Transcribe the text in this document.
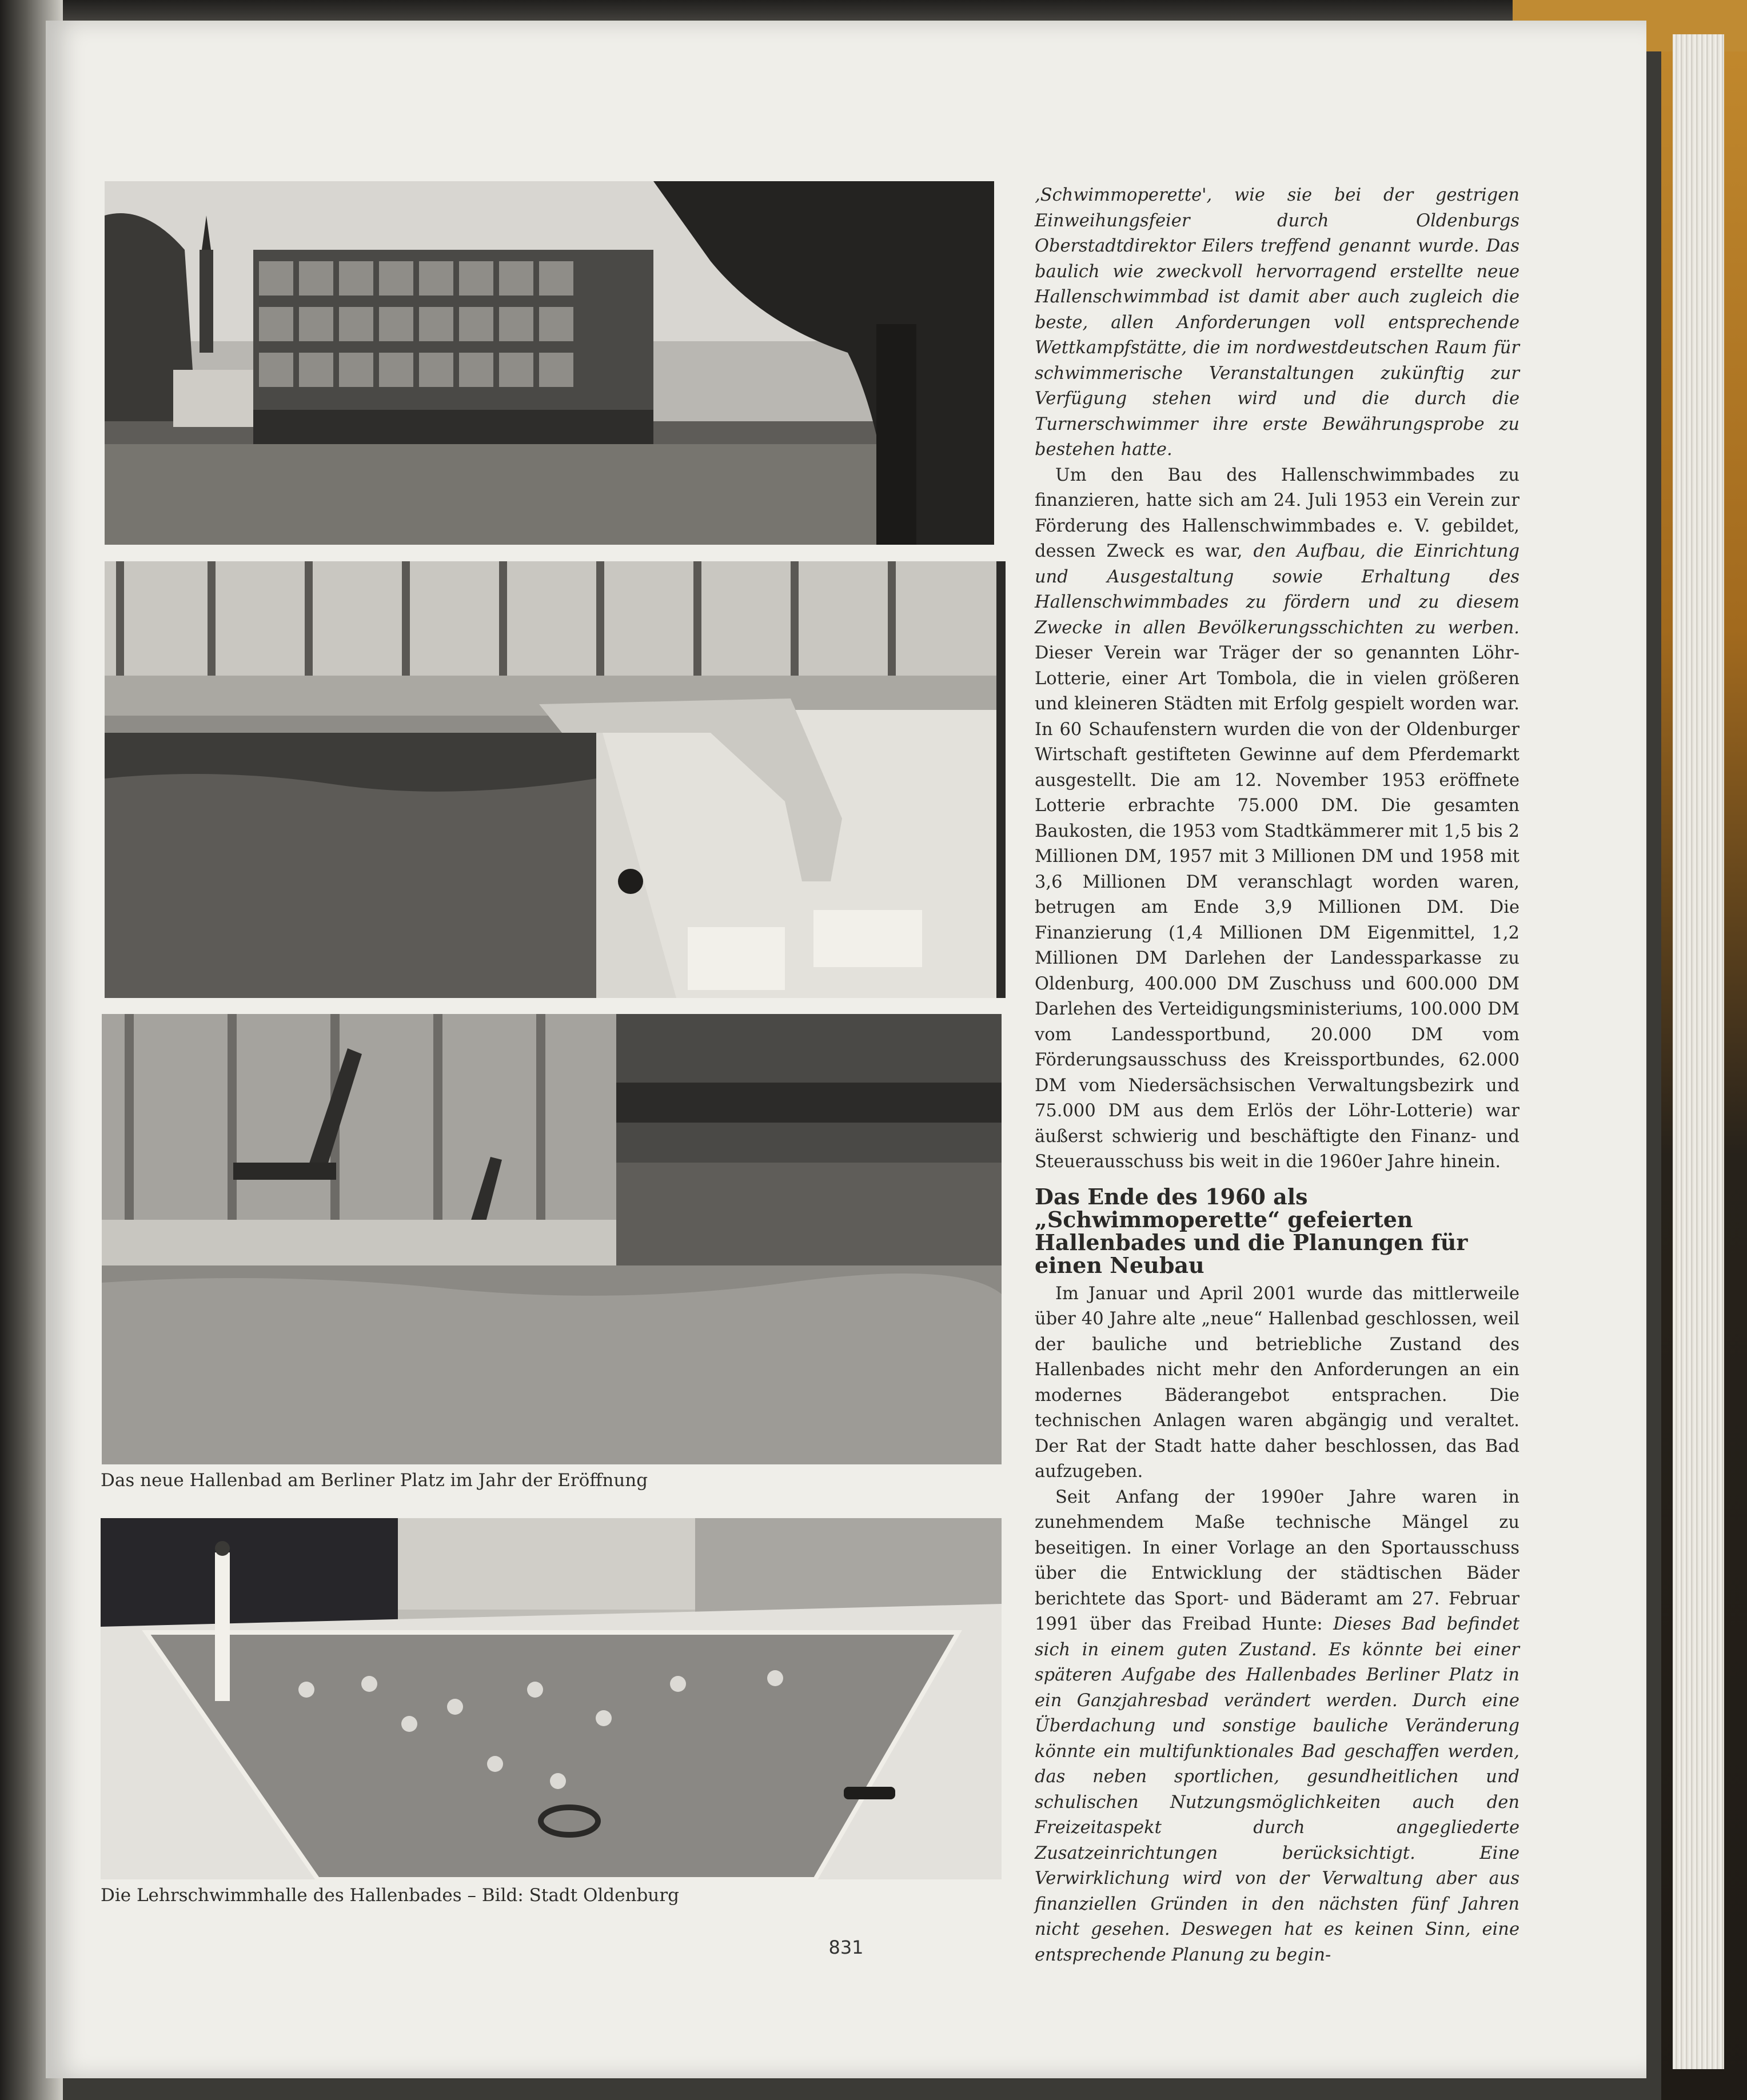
Das neue Hallenbad am Berliner Platz im Jahr der Eröffnung
Die Lehrschwimmhalle des Hallenbades – Bild: Stadt Oldenburg

‚Schwimmoperette', wie sie bei der gestrigen Einweihungsfeier durch Oldenburgs Oberstadtdirektor Eilers treffend genannt wurde. Das baulich wie zweckvoll hervorragend erstellte neue Hallenschwimmbad ist damit aber auch zugleich die beste, allen Anforderungen voll entsprechende Wettkampfstätte, die im nordwestdeutschen Raum für schwimmerische Veranstaltungen zukünftig zur Verfügung stehen wird und die durch die Turnerschwimmer ihre erste Bewährungsprobe zu bestehen hatte.

Um den Bau des Hallenschwimmbades zu finanzieren, hatte sich am 24. Juli 1953 ein Verein zur Förderung des Hallenschwimmbades e. V. gebildet, dessen Zweck es war, den Aufbau, die Einrichtung und Ausgestaltung sowie Erhaltung des Hallenschwimmbades zu fördern und zu diesem Zwecke in allen Bevölkerungsschichten zu werben. Dieser Verein war Träger der so genannten Löhr-Lotterie, einer Art Tombola, die in vielen größeren und kleineren Städten mit Erfolg gespielt worden war. In 60 Schaufenstern wurden die von der Oldenburger Wirtschaft gestifteten Gewinne auf dem Pferdemarkt ausgestellt. Die am 12. November 1953 eröffnete Lotterie erbrachte 75.000 DM. Die gesamten Baukosten, die 1953 vom Stadtkämmerer mit 1,5 bis 2 Millionen DM, 1957 mit 3 Millionen DM und 1958 mit 3,6 Millionen DM veranschlagt worden waren, betrugen am Ende 3,9 Millionen DM. Die Finanzierung (1,4 Millionen DM Eigenmittel, 1,2 Millionen DM Darlehen der Landessparkasse zu Oldenburg, 400.000 DM Zuschuss und 600.000 DM Darlehen des Verteidigungsministeriums, 100.000 DM vom Landessportbund, 20.000 DM vom Förderungsausschuss des Kreissportbundes, 62.000 DM vom Niedersächsischen Verwaltungsbezirk und 75.000 DM aus dem Erlös der Löhr-Lotterie) war äußerst schwierig und beschäftigte den Finanz- und Steuerausschuss bis weit in die 1960er Jahre hinein.

Das Ende des 1960 als „Schwimmoperette“ gefeierten Hallenbades und die Planungen für einen Neubau

Im Januar und April 2001 wurde das mittlerweile über 40 Jahre alte „neue“ Hallenbad geschlossen, weil der bauliche und betriebliche Zustand des Hallenbades nicht mehr den Anforderungen an ein modernes Bäderangebot entsprachen. Die technischen Anlagen waren abgängig und veraltet. Der Rat der Stadt hatte daher beschlossen, das Bad aufzugeben.

Seit Anfang der 1990er Jahre waren in zunehmendem Maße technische Mängel zu beseitigen. In einer Vorlage an den Sportausschuss über die Entwicklung der städtischen Bäder berichtete das Sport- und Bäderamt am 27. Februar 1991 über das Freibad Hunte: Dieses Bad befindet sich in einem guten Zustand. Es könnte bei einer späteren Aufgabe des Hallenbades Berliner Platz in ein Ganzjahresbad verändert werden. Durch eine Überdachung und sonstige bauliche Veränderung könnte ein multifunktionales Bad geschaffen werden, das neben sportlichen, gesundheitlichen und schulischen Nutzungsmöglichkeiten auch den Freizeitaspekt durch angegliederte Zusatzeinrichtungen berücksichtigt. Eine Verwirklichung wird von der Verwaltung aber aus finanziellen Gründen in den nächsten fünf Jahren nicht gesehen. Deswegen hat es keinen Sinn, eine entsprechende Planung zu begin-

831
